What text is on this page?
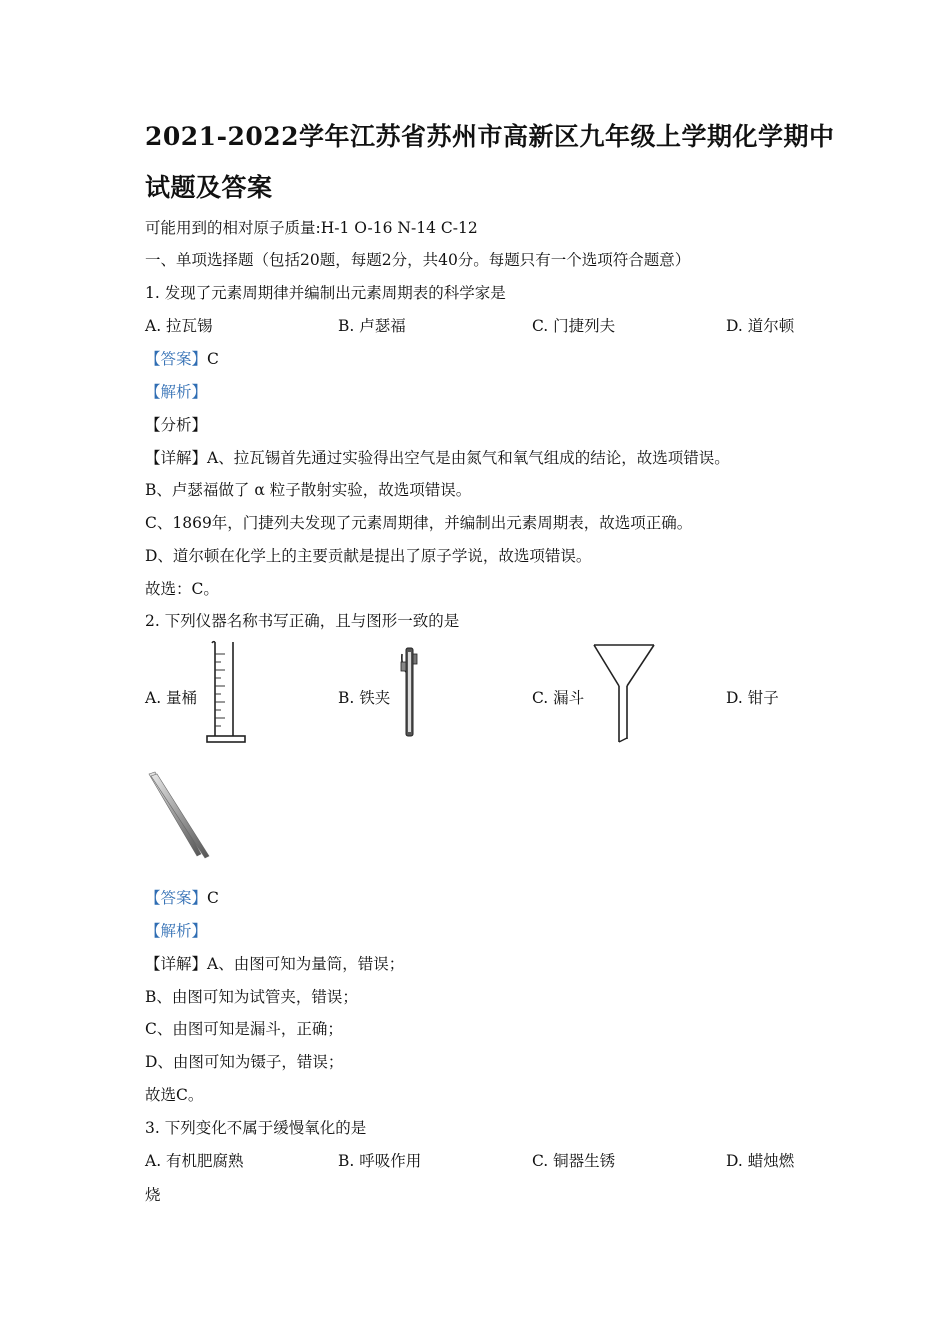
2021-2022学年江苏省苏州市高新区九年级上学期化学期中
试题及答案
可能用到的相对原子质量:H-1 O-16 N-14 C-12
一、单项选择题（包括20题，每题2分，共40分。每题只有一个选项符合题意）
1. 发现了元素周期律并编制出元素周期表的科学家是
A. 拉瓦锡	B. 卢瑟福	C. 门捷列夫	D. 道尔顿
【答案】C
【解析】
【分析】
【详解】A、拉瓦锡首先通过实验得出空气是由氮气和氧气组成的结论，故选项错误。
B、卢瑟福做了 α 粒子散射实验，故选项错误。
C、1869年，门捷列夫发现了元素周期律，并编制出元素周期表，故选项正确。
D、道尔顿在化学上的主要贡献是提出了原子学说，故选项错误。
故选：C。
2. 下列仪器名称书写正确，且与图形一致的是
A. 量桶	B. 铁夹	C. 漏斗	D. 钳子
【答案】C
【解析】
【详解】A、由图可知为量筒，错误；
B、由图可知为试管夹，错误；
C、由图可知是漏斗，正确；
D、由图可知为镊子，错误；
故选C。
3. 下列变化不属于缓慢氧化的是
A. 有机肥腐熟	B. 呼吸作用	C. 铜器生锈	D. 蜡烛燃
烧
